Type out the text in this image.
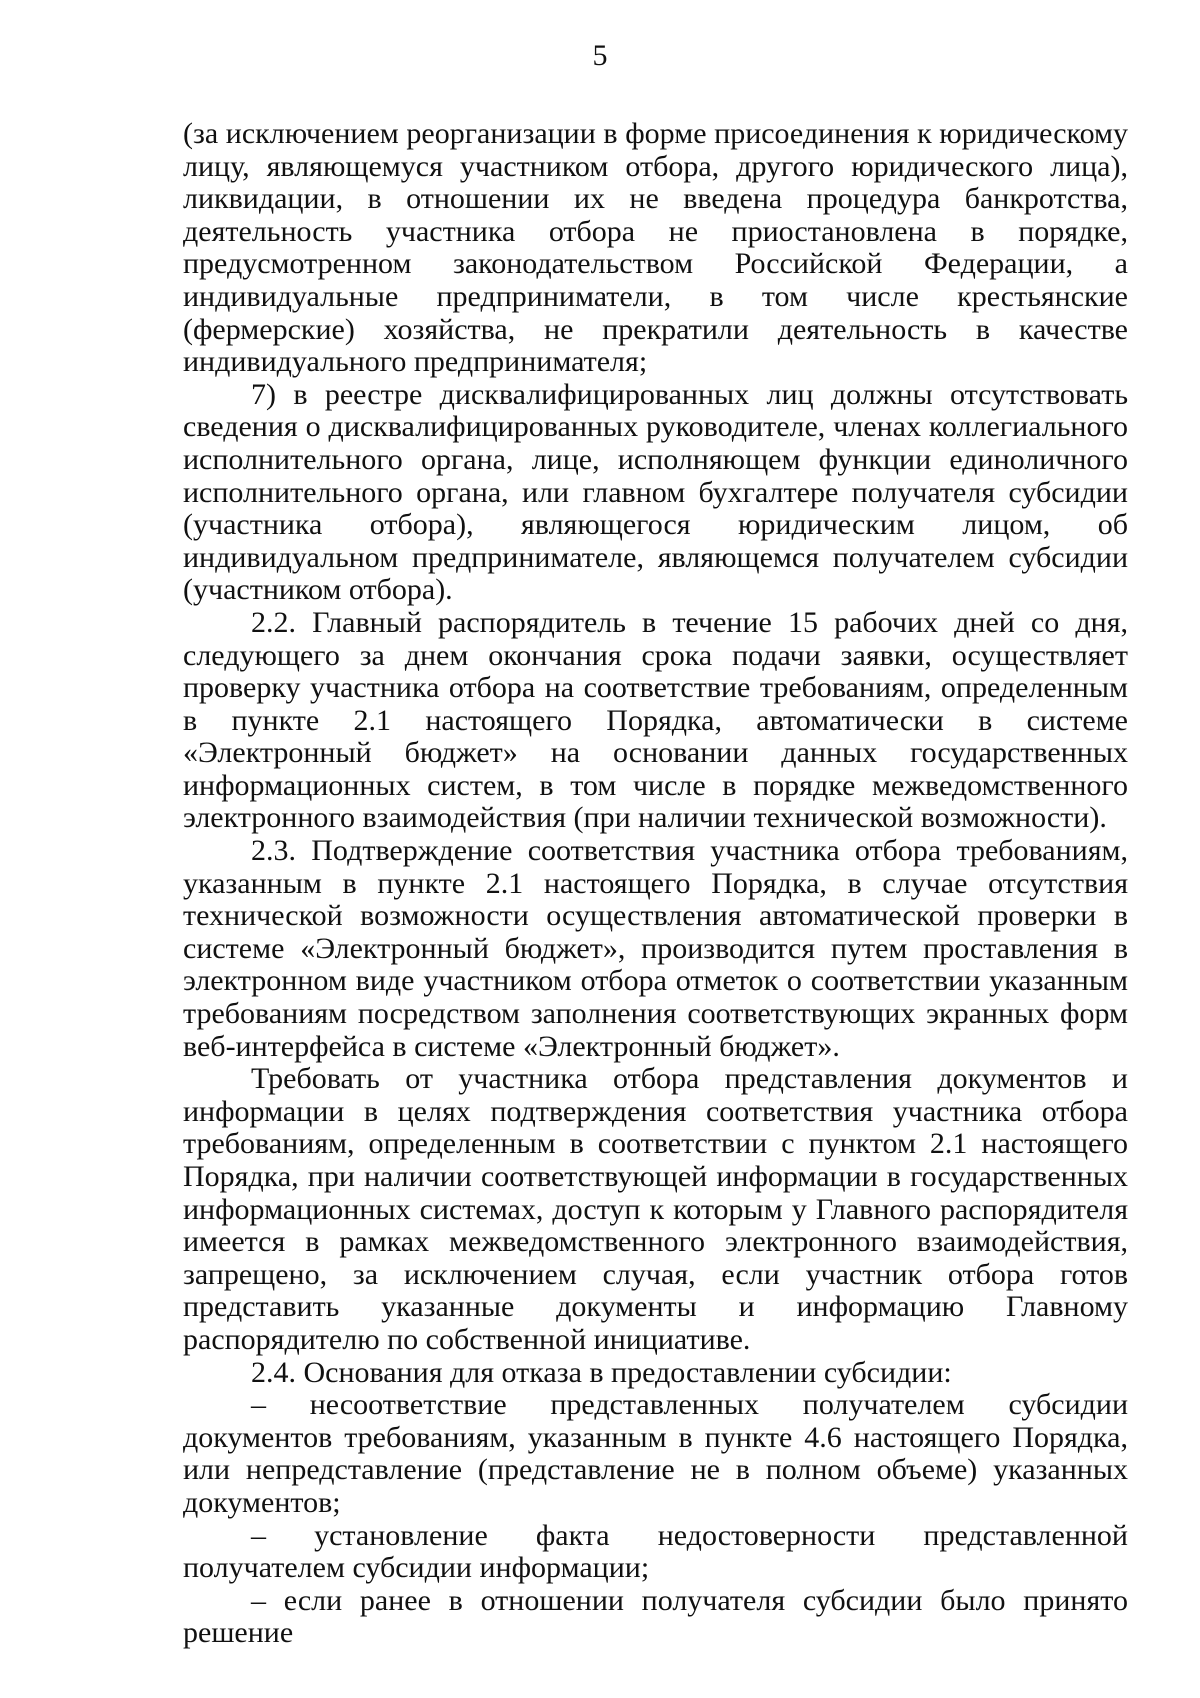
5

(за исключением реорганизации в форме присоединения к юридическому лицу, являющемуся участником отбора, другого юридического лица), ликвидации, в отношении их не введена процедура банкротства, деятельность участника отбора не приостановлена в порядке, предусмотренном законодательством Российской Федерации, а индивидуальные предприниматели, в том числе крестьянские (фермерские) хозяйства, не прекратили деятельность в качестве индивидуального предпринимателя;

7) в реестре дисквалифицированных лиц должны отсутствовать сведения о дисквалифицированных руководителе, членах коллегиального исполнительного органа, лице, исполняющем функции единоличного исполнительного органа, или главном бухгалтере получателя субсидии (участника отбора), являющегося юридическим лицом, об индивидуальном предпринимателе, являющемся получателем субсидии (участником отбора).

2.2. Главный распорядитель в течение 15 рабочих дней со дня, следующего за днем окончания срока подачи заявки, осуществляет проверку участника отбора на соответствие требованиям, определенным в пункте 2.1 настоящего Порядка, автоматически в системе «Электронный бюджет» на основании данных государственных информационных систем, в том числе в порядке межведомственного электронного взаимодействия (при наличии технической возможности).

2.3. Подтверждение соответствия участника отбора требованиям, указанным в пункте 2.1 настоящего Порядка, в случае отсутствия технической возможности осуществления автоматической проверки в системе «Электронный бюджет», производится путем проставления в электронном виде участником отбора отметок о соответствии указанным требованиям посредством заполнения соответствующих экранных форм веб-интерфейса в системе «Электронный бюджет».

Требовать от участника отбора представления документов и информации в целях подтверждения соответствия участника отбора требованиям, определенным в соответствии с пунктом 2.1 настоящего Порядка, при наличии соответствующей информации в государственных информационных системах, доступ к которым у Главного распорядителя имеется в рамках межведомственного электронного взаимодействия, запрещено, за исключением случая, если участник отбора готов представить указанные документы и информацию Главному распорядителю по собственной инициативе.

2.4. Основания для отказа в предоставлении субсидии:

– несоответствие представленных получателем субсидии документов требованиям, указанным в пункте 4.6 настоящего Порядка, или непредставление (представление не в полном объеме) указанных документов;

– установление факта недостоверности представленной получателем субсидии информации;

– если ранее в отношении получателя субсидии было принято решение
